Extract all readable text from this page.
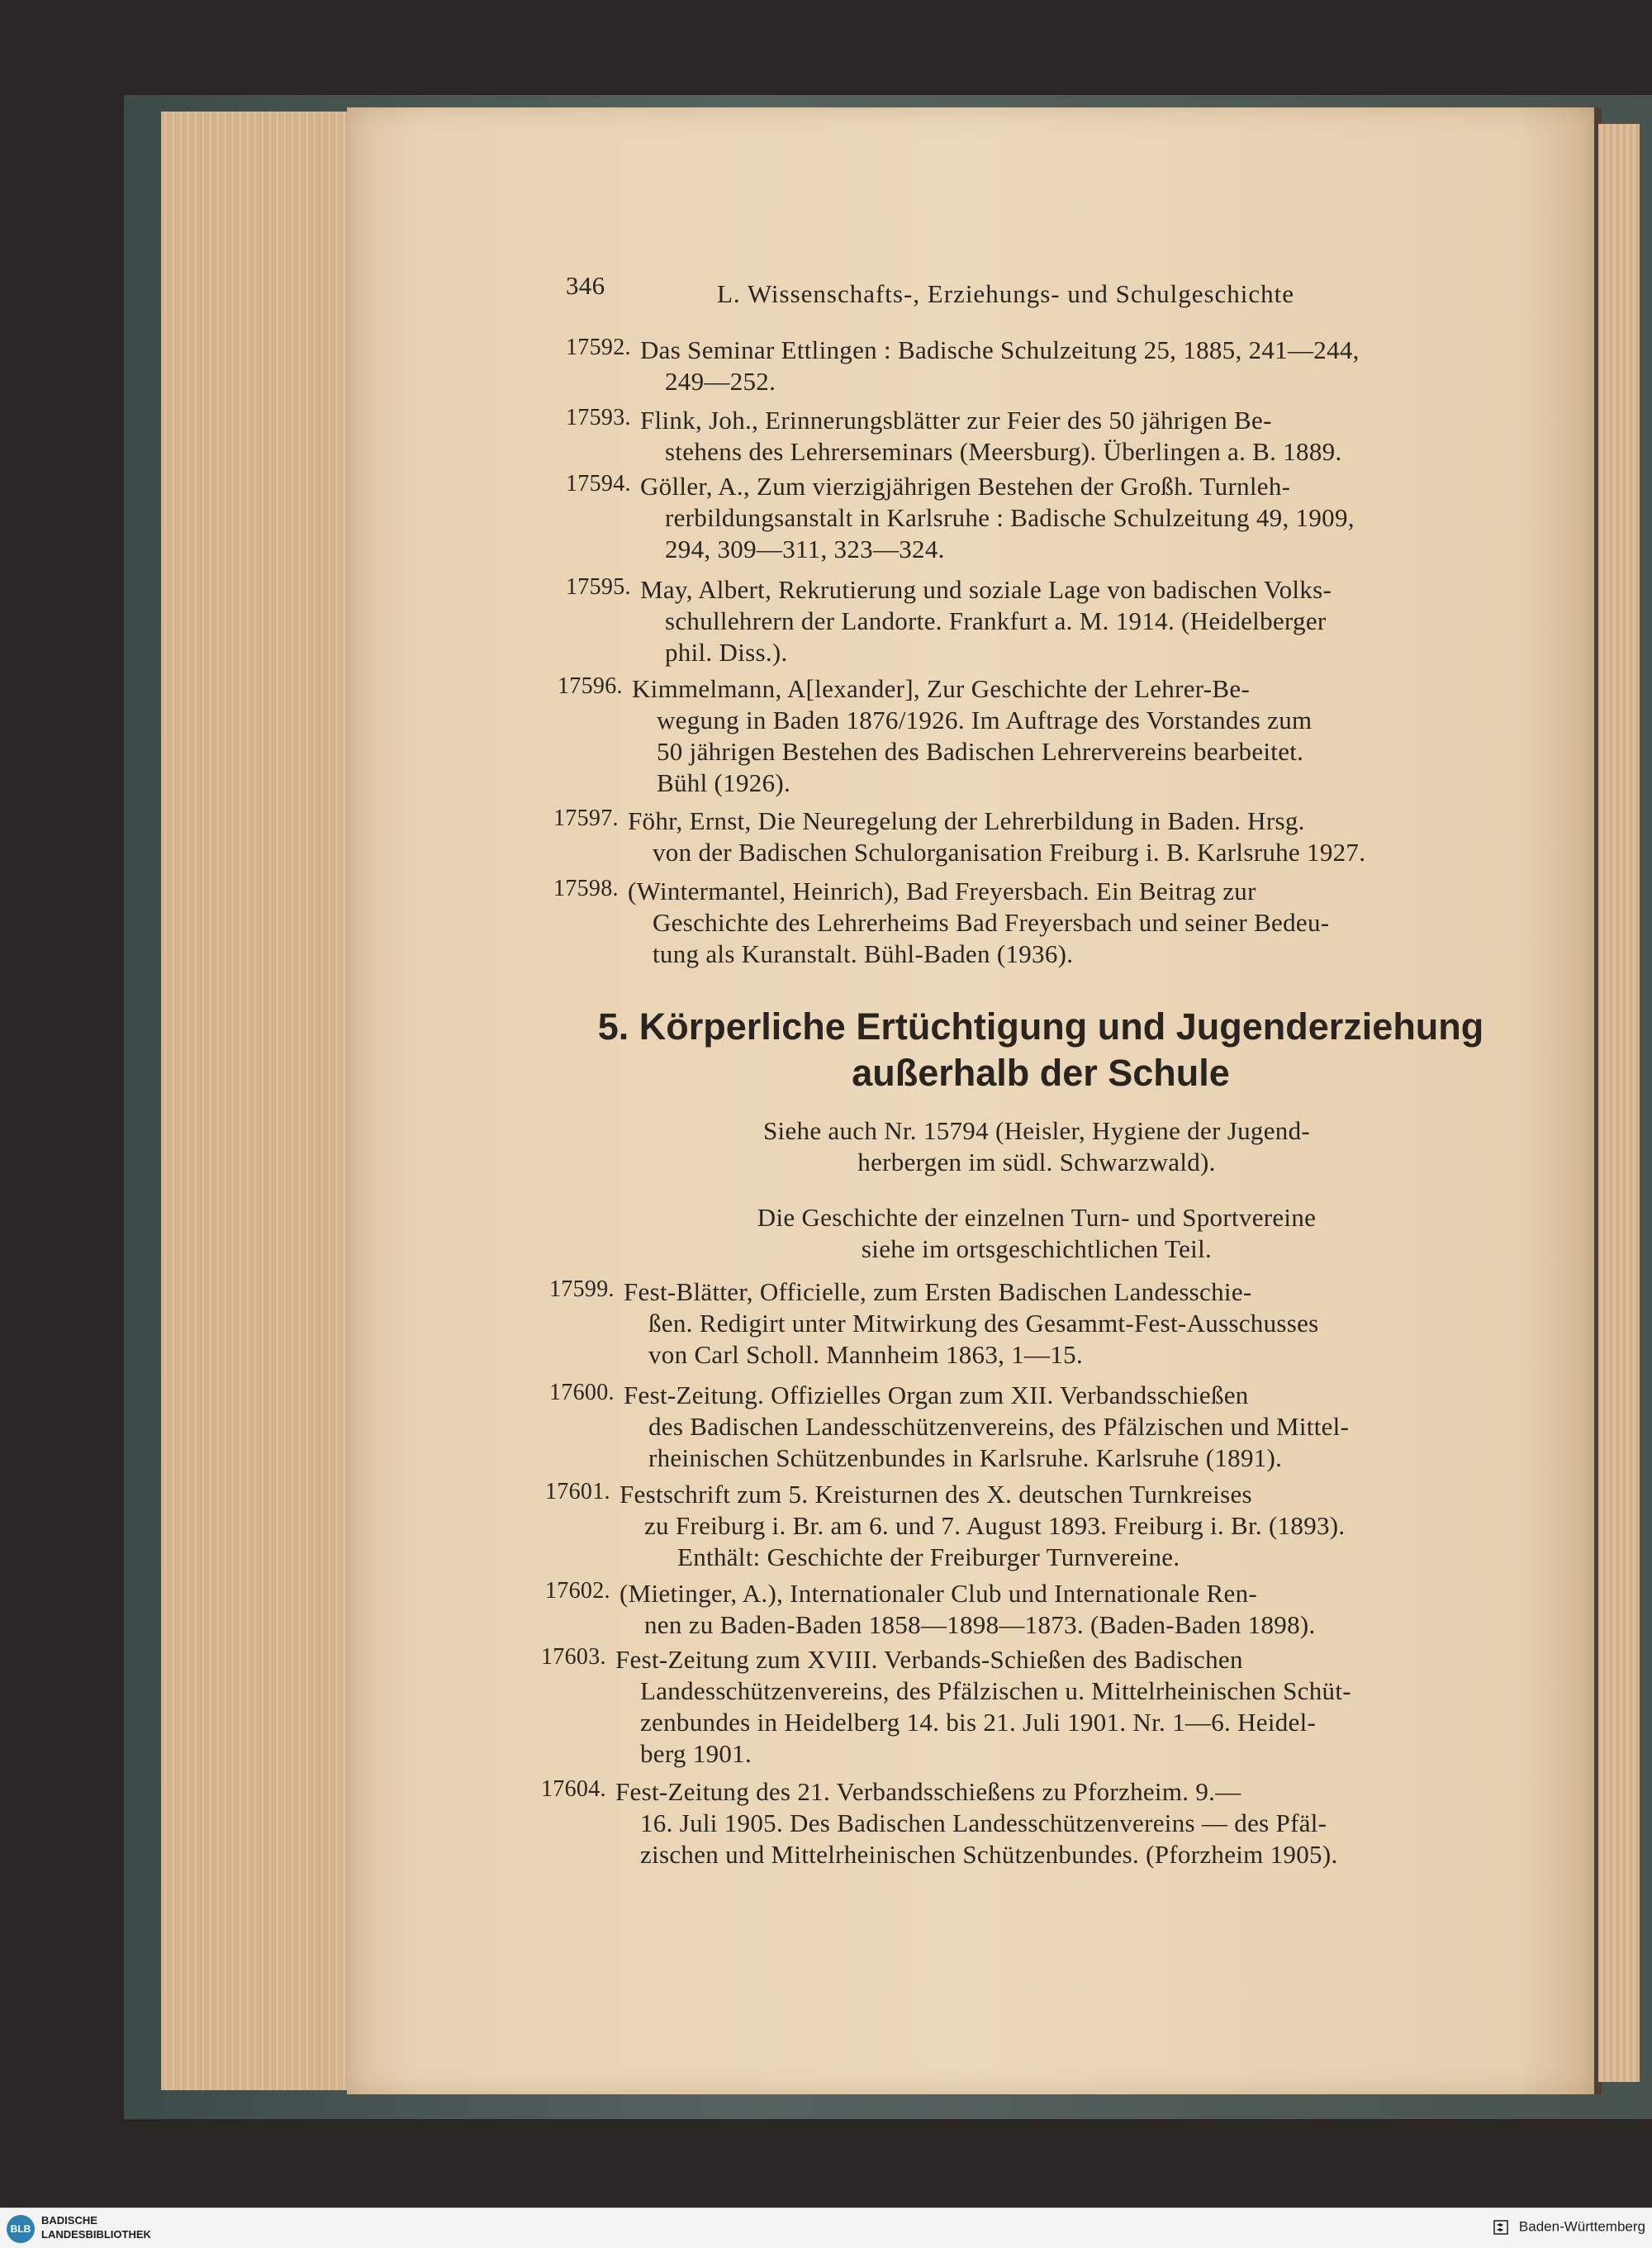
346	L. Wissenschafts-, Erziehungs- und Schulgeschichte
17592. Das Seminar Ettlingen : Badische Schulzeitung 25, 1885, 241—244,
249—252.
17593. Flink, Joh., Erinnerungsblätter zur Feier des 50 jährigen Be-
stehens des Lehrerseminars (Meersburg). Überlingen a. B. 1889.
17594. Göller, A., Zum vierzigjährigen Bestehen der Großh. Turnleh-
rerbildungsanstalt in Karlsruhe : Badische Schulzeitung 49, 1909,
294, 309—311, 323—324.
17595. May, Albert, Rekrutierung und soziale Lage von badischen Volks-
schullehrern der Landorte. Frankfurt a. M. 1914. (Heidelberger
phil. Diss.).
17596. Kimmelmann, A[lexander], Zur Geschichte der Lehrer-Be-
wegung in Baden 1876/1926. Im Auftrage des Vorstandes zum
50 jährigen Bestehen des Badischen Lehrervereins bearbeitet.
Bühl (1926).
17597. Föhr, Ernst, Die Neuregelung der Lehrerbildung in Baden. Hrsg.
von der Badischen Schulorganisation Freiburg i. B. Karlsruhe 1927.
17598. (Wintermantel, Heinrich), Bad Freyersbach. Ein Beitrag zur
Geschichte des Lehrerheims Bad Freyersbach und seiner Bedeu-
tung als Kuranstalt. Bühl-Baden (1936).
5. Körperliche Ertüchtigung und Jugenderziehung
außerhalb der Schule
Siehe auch Nr. 15794 (Heisler, Hygiene der Jugend-
herbergen im südl. Schwarzwald).
Die Geschichte der einzelnen Turn- und Sportvereine
siehe im ortsgeschichtlichen Teil.
17599. Fest-Blätter, Officielle, zum Ersten Badischen Landesschie-
ßen. Redigirt unter Mitwirkung des Gesammt-Fest-Ausschusses
von Carl Scholl. Mannheim 1863, 1—15.
17600. Fest-Zeitung. Offizielles Organ zum XII. Verbandsschießen
des Badischen Landesschützenvereins, des Pfälzischen und Mittel-
rheinischen Schützenbundes in Karlsruhe. Karlsruhe (1891).
17601. Festschrift zum 5. Kreisturnen des X. deutschen Turnkreises
zu Freiburg i. Br. am 6. und 7. August 1893. Freiburg i. Br. (1893).
Enthält: Geschichte der Freiburger Turnvereine.
17602. (Mietinger, A.), Internationaler Club und Internationale Ren-
nen zu Baden-Baden 1858—1898—1873. (Baden-Baden 1898).
17603. Fest-Zeitung zum XVIII. Verbands-Schießen des Badischen
Landesschützenvereins, des Pfälzischen u. Mittelrheinischen Schüt-
zenbundes in Heidelberg 14. bis 21. Juli 1901. Nr. 1—6. Heidel-
berg 1901.
17604. Fest-Zeitung des 21. Verbandsschießens zu Pforzheim. 9.—
16. Juli 1905. Des Badischen Landesschützenvereins — des Pfäl-
zischen und Mittelrheinischen Schützenbundes. (Pforzheim 1905).
BLB
BADISCHE
LANDESBIBLIOTHEK
Baden-Württemberg
